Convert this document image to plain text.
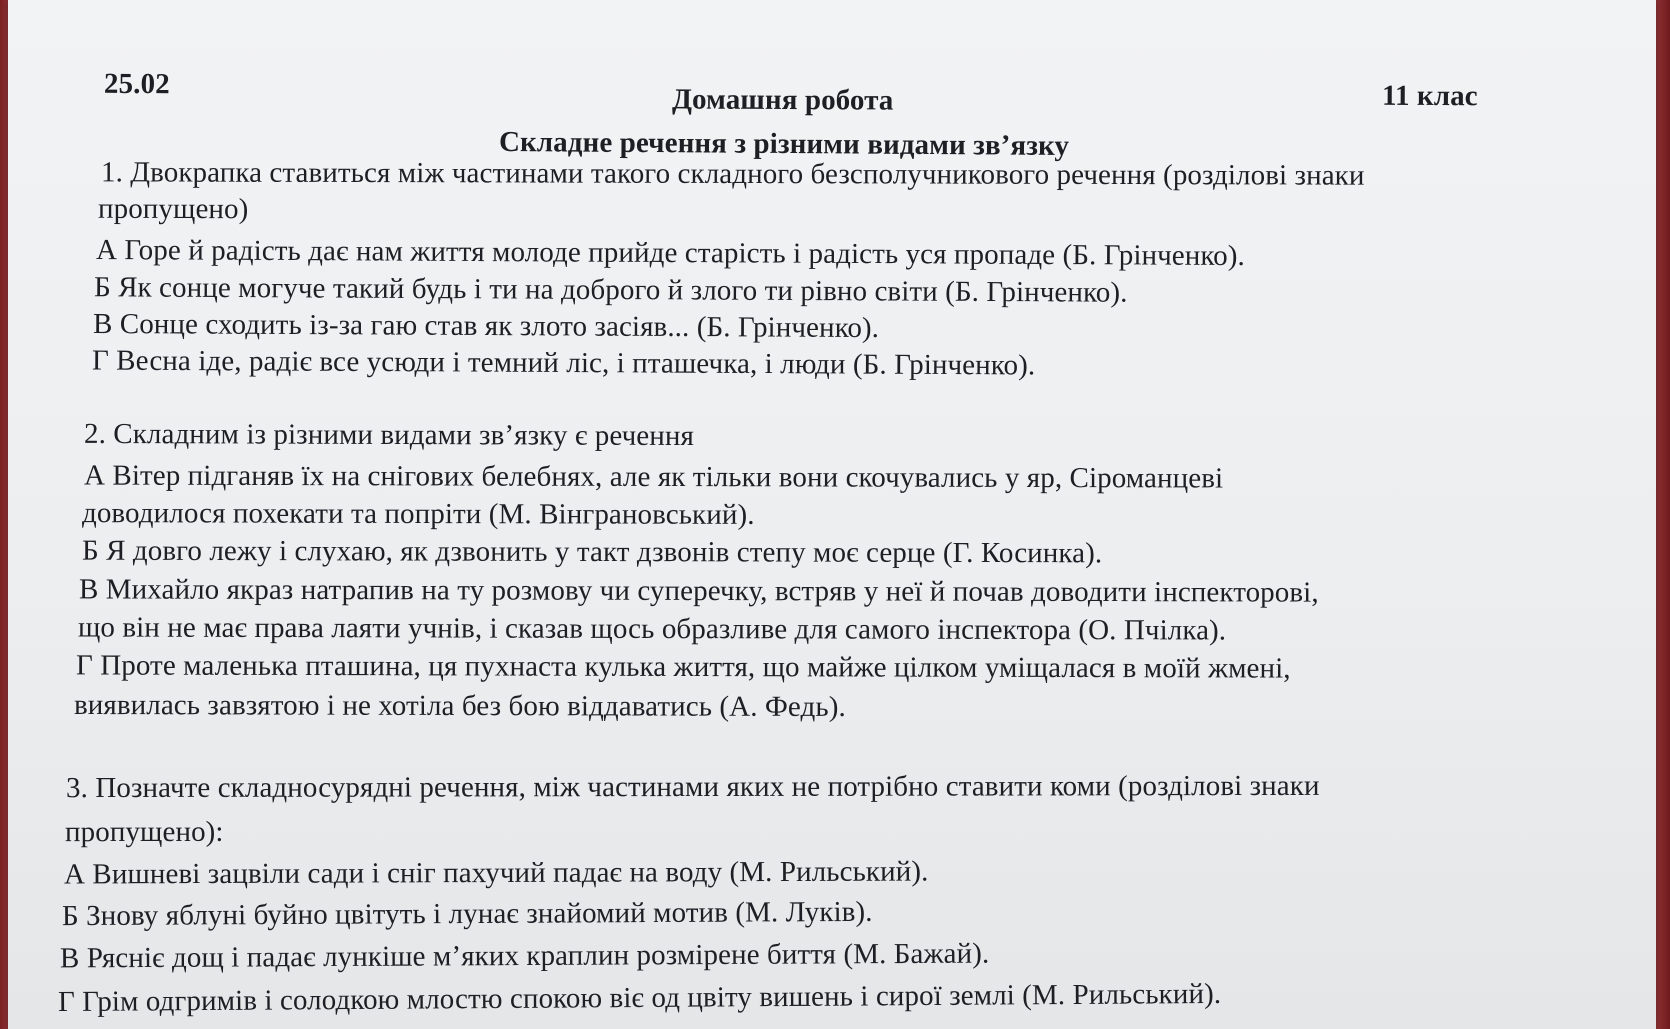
25.02	Домашня робота	11 клас
Складне речення з різними видами зв’язку
1. Двокрапка ставиться між частинами такого складного безсполучникового речення (розділові знаки
пропущено)
А Горе й радість дає нам життя молоде прийде старість і радість уся пропаде (Б. Грінченко).
Б Як сонце могуче такий будь і ти на доброго й злого ти рівно світи (Б. Грінченко).
В Сонце сходить із-за гаю став як злото засіяв... (Б. Грінченко).
Г Весна іде, радіє все усюди і темний ліс, і пташечка, і люди (Б. Грінченко).
2. Складним із різними видами зв’язку є речення
А Вітер підганяв їх на снігових белебнях, але як тільки вони скочувались у яр, Сіроманцеві
доводилося похекати та попріти (М. Вінграновський).
Б Я довго лежу і слухаю, як дзвонить у такт дзвонів степу моє серце (Г. Косинка).
В Михайло якраз натрапив на ту розмову чи суперечку, встряв у неї й почав доводити інспекторові,
що він не має права лаяти учнів, і сказав щось образливе для самого інспектора (О. Пчілка).
Г Проте маленька пташина, ця пухнаста кулька життя, що майже цілком уміщалася в моїй жмені,
виявилась завзятою і не хотіла без бою віддаватись (А. Федь).
3. Позначте складносурядні речення, між частинами яких не потрібно ставити коми (розділові знаки
пропущено):
А Вишневі зацвіли сади і сніг пахучий падає на воду (М. Рильський).
Б Знову яблуні буйно цвітуть і лунає знайомий мотив (М. Луків).
В Рясніє дощ і падає лункіше м’яких краплин розмірене биття (М. Бажай).
Г Грім одгримів і солодкою млостю спокою віє од цвіту вишень і сирої землі (М. Рильський).
